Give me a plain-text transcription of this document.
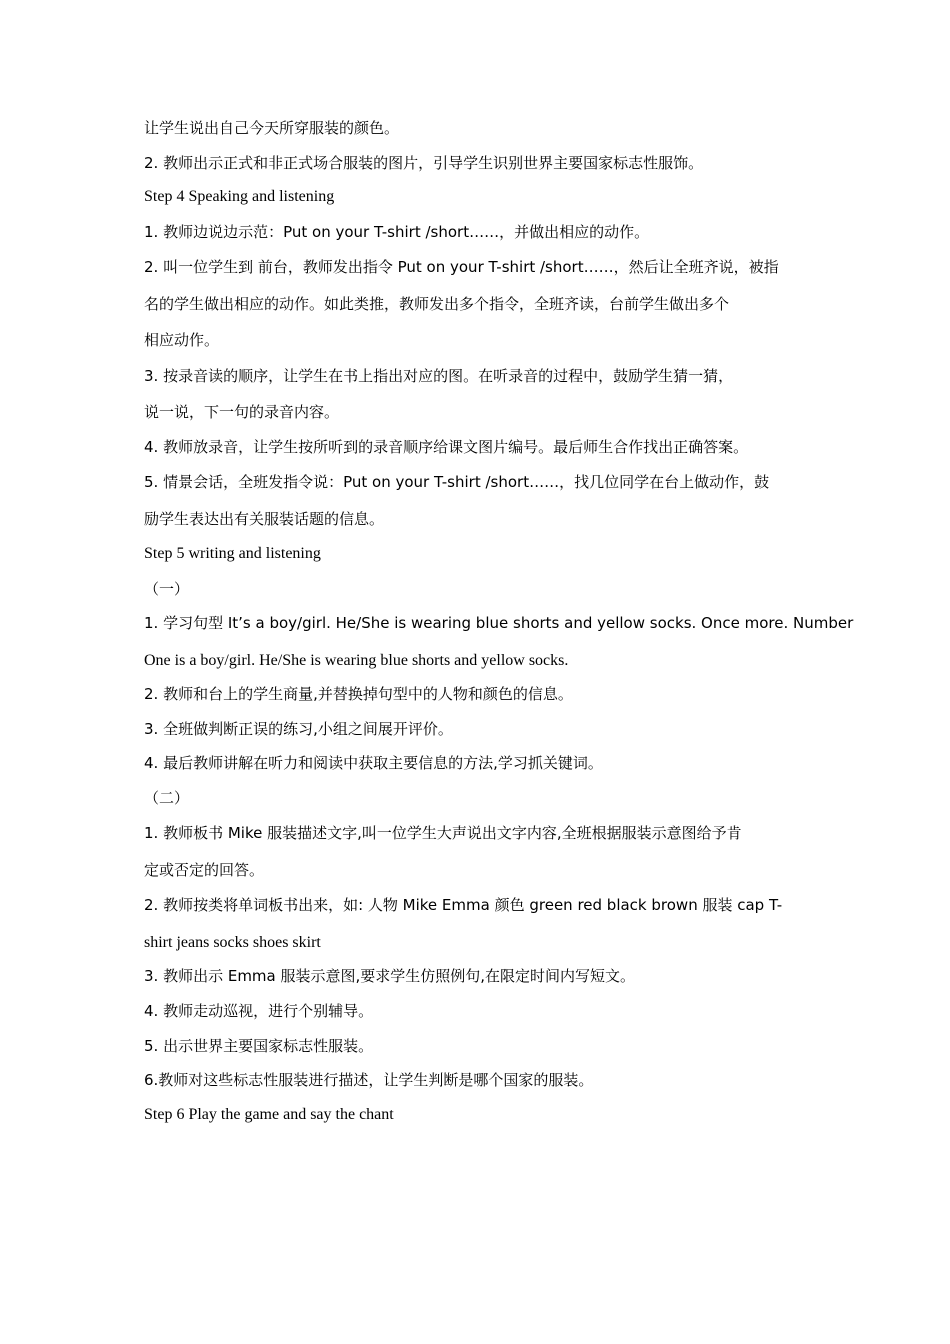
让学生说出自己今天所穿服装的颜色。
2. 教师出示正式和非正式场合服装的图片，引导学生识别世界主要国家标志性服饰。
Step 4 Speaking and listening
1. 教师边说边示范：Put on your T-shirt /short……，并做出相应的动作。
2. 叫一位学生到 前台，教师发出指令 Put on your T-shirt /short……，然后让全班齐说，被指
名的学生做出相应的动作。如此类推，教师发出多个指令，全班齐读，台前学生做出多个
相应动作。
3. 按录音读的顺序，让学生在书上指出对应的图。在听录音的过程中，鼓励学生猜一猜，
说一说，下一句的录音内容。
4. 教师放录音，让学生按所听到的录音顺序给课文图片编号。最后师生合作找出正确答案。
5. 情景会话，全班发指令说：Put on your T-shirt /short……，找几位同学在台上做动作，鼓
励学生表达出有关服装话题的信息。
Step 5 writing and listening
（一）
1. 学习句型 It’s a boy/girl. He/She is wearing blue shorts and yellow socks. Once more. Number
One is a boy/girl. He/She is wearing blue shorts and yellow socks.
2. 教师和台上的学生商量,并替换掉句型中的人物和颜色的信息。
3. 全班做判断正误的练习,小组之间展开评价。
4. 最后教师讲解在听力和阅读中获取主要信息的方法,学习抓关键词。
（二）
1. 教师板书 Mike 服装描述文字,叫一位学生大声说出文字内容,全班根据服装示意图给予肯
定或否定的回答。
2. 教师按类将单词板书出来，如: 人物 Mike Emma 颜色 green red black brown 服装 cap T-
shirt jeans socks shoes skirt
3. 教师出示 Emma 服装示意图,要求学生仿照例句,在限定时间内写短文。
4. 教师走动巡视，进行个别辅导。
5. 出示世界主要国家标志性服装。
6.教师对这些标志性服装进行描述，让学生判断是哪个国家的服装。
Step 6 Play the game and say the chant
